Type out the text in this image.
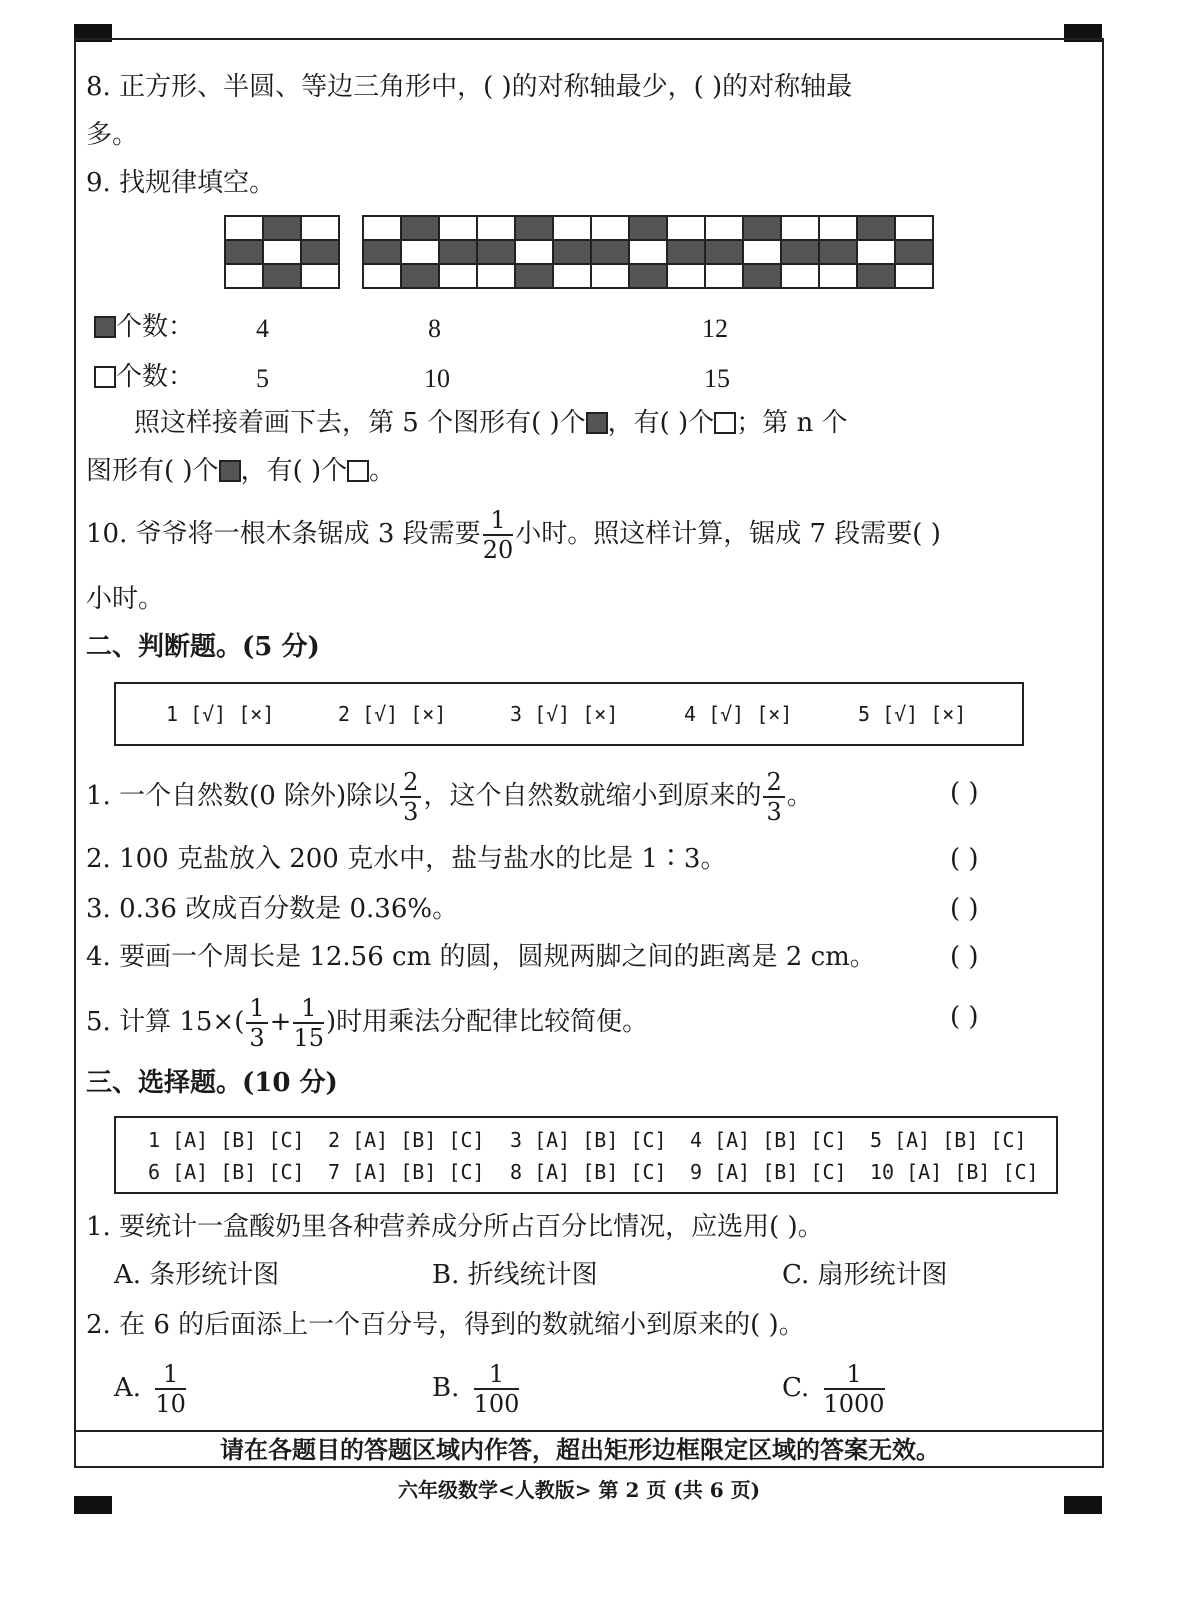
8. 正方形、半圆、等边三角形中，( )的对称轴最少，( )的对称轴最
多。
9. 找规律填空。

个数： 4	8	12
个数： 5	10	15
照这样接着画下去，第 5 个图形有( )个 ，有( )个 ；第 n 个
图形有( )个 ，有( )个 。
10. 爷爷将一根木条锯成 3 段需要 $\frac{1}{20}$ 小时。照这样计算，锯成 7 段需要( )
小时。
二、判断题。(5 分)
1 [√] [×]	2 [√] [×]	3 [√] [×]	4 [√] [×]	5 [√] [×]
1. 一个自然数(0 除外)除以 $\frac{2}{3}$ ，这个自然数就缩小到原来的 $\frac{2}{3}$ 。	( )
2. 100 克盐放入 200 克水中，盐与盐水的比是 1∶3。	( )
3. 0.36 改成百分数是 0.36%。	( )
4. 要画一个周长是 12.56 cm 的圆，圆规两脚之间的距离是 2 cm。	( )
5. 计算 $15\times( \frac{1}{3} + \frac{1}{15}$ )时用乘法分配律比较简便。	( )
三、选择题。(10 分)
1 [A] [B] [C] 2 [A] [B] [C] 3 [A] [B] [C] 4 [A] [B] [C] 5 [A] [B] [C]
6 [A] [B] [C] 7 [A] [B] [C] 8 [A] [B] [C] 9 [A] [B] [C] 10 [A] [B] [C]
1. 要统计一盒酸奶里各种营养成分所占百分比情况，应选用( )。
A. 条形统计图	B. 折线统计图	C. 扇形统计图
2. 在 6 的后面添上一个百分号，得到的数就缩小到原来的( )。
A. $\frac{1}{10}$	B. $\frac{1}{100}$	C. $\frac{1}{1000}$
请在各题目的答题区域内作答，超出矩形边框限定区域的答案无效。
六年级数学<人教版> 第 2 页 (共 6 页)
